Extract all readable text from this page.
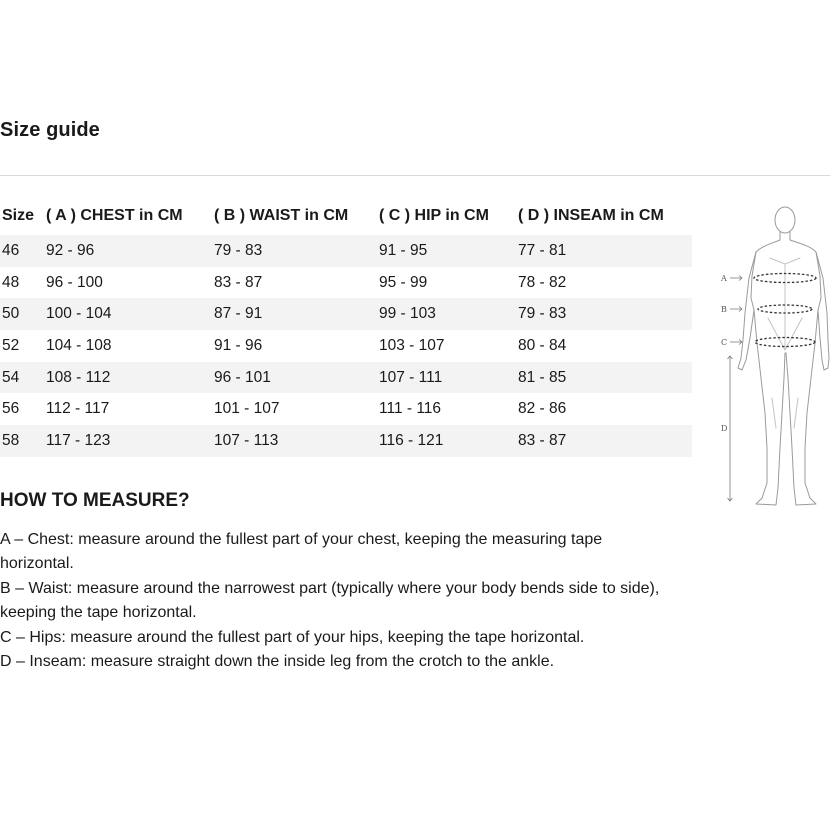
Size guide
Size	( A ) CHEST in CM	( B ) WAIST in CM	( C ) HIP in CM	( D ) INSEAM in CM
46	92 - 96	79 - 83	91 - 95	77 - 81
48	96 - 100	83 - 87	95 - 99	78 - 82
50	100 - 104	87 - 91	99 - 103	79 - 83
52	104 - 108	91 - 96	103 - 107	80 - 84
54	108 - 112	96 - 101	107 - 111	81 - 85
56	112 - 117	101 - 107	111 - 116	82 - 86
58	117 - 123	107 - 113	116 - 121	83 - 87
HOW TO MEASURE?

A – Chest: measure around the fullest part of your chest, keeping the measuring tape horizontal.

B – Waist: measure around the narrowest part (typically where your body bends side to side), keeping the tape horizontal.

C – Hips: measure around the fullest part of your hips, keeping the tape horizontal.

D – Inseam: measure straight down the inside leg from the crotch to the ankle.

A
B
C
D
